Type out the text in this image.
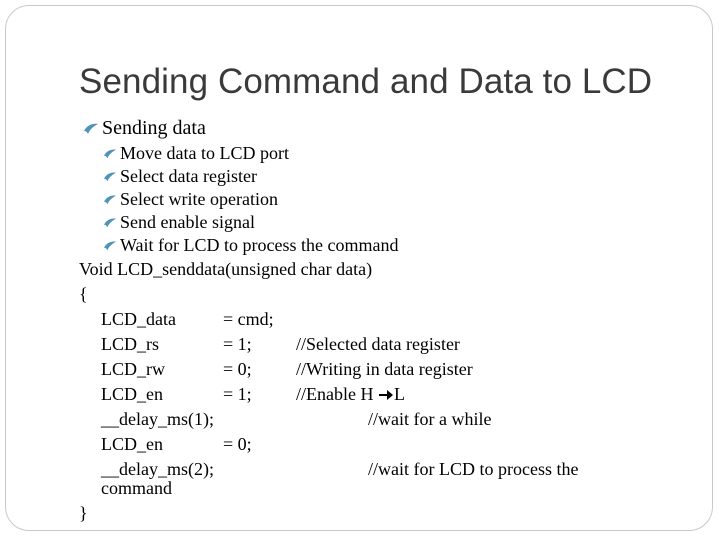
Sending Command and Data to LCD
Sending data
Move data to LCD port
Select data register
Select write operation
Send enable signal
Wait for LCD to process the command
Void LCD_senddata(unsigned char data)
{
LCD_data	= cmd;
LCD_rs	= 1; //Selected data register
LCD_rw	= 0; //Writing in data register
LCD_en	= 1; //Enable H L
__delay_ms(1);	//wait for a while
LCD_en	= 0;
__delay_ms(2);	//wait for LCD to process the
command
}
